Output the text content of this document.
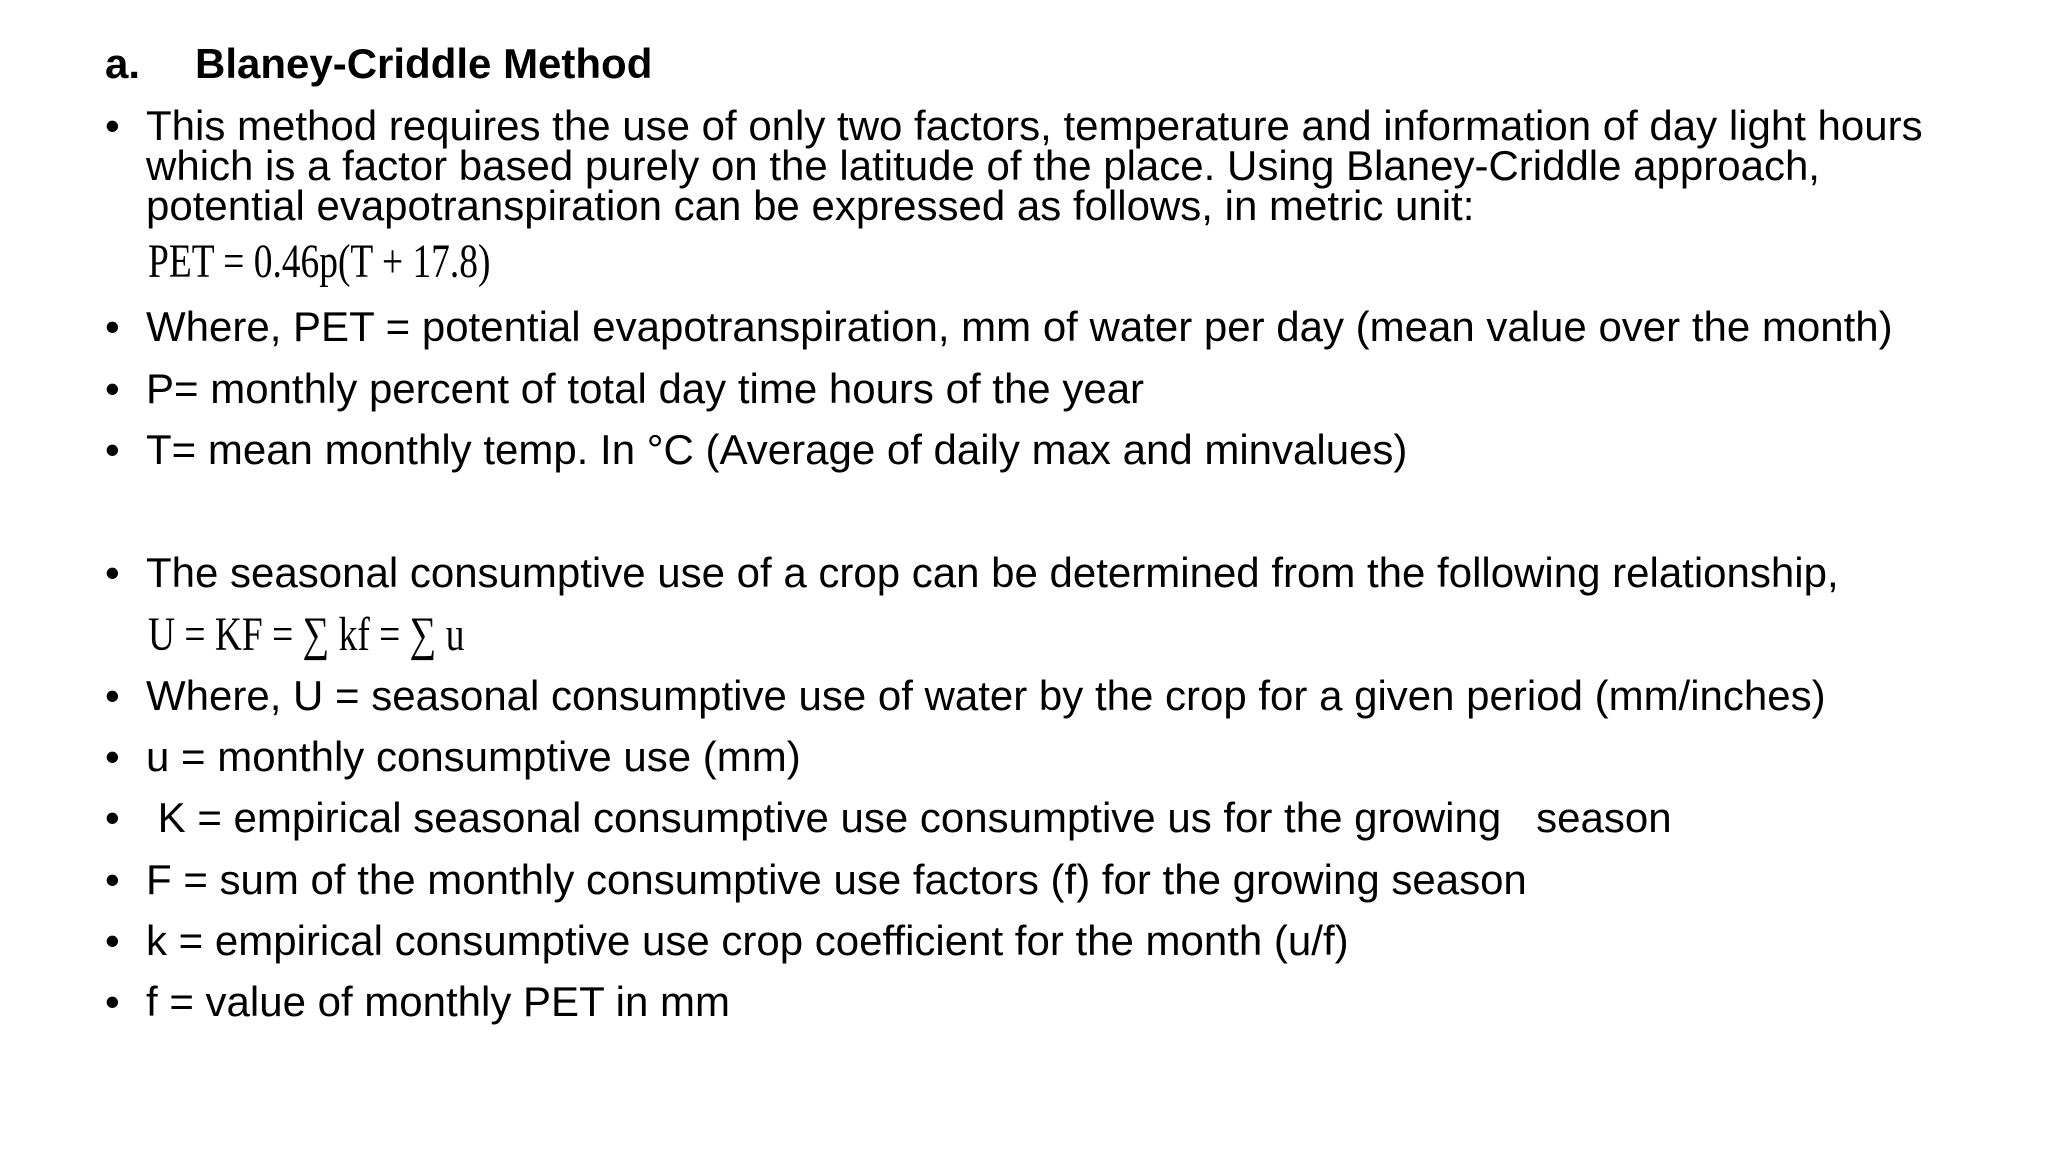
a. Blaney-Criddle Method
• This method requires the use of only two factors, temperature and information of day light hours
which is a factor based purely on the latitude of the place. Using Blaney-Criddle approach,
potential evapotranspiration can be expressed as follows, in metric unit:
PET = 0.46p(T + 17.8)
• Where, PET = potential evapotranspiration, mm of water per day (mean value over the month)
• P= monthly percent of total day time hours of the year
• T= mean monthly temp. In °C (Average of daily max and minvalues)
• The seasonal consumptive use of a crop can be determined from the following relationship,
U = KF = ∑ kf = ∑ u
• Where, U = seasonal consumptive use of water by the crop for a given period (mm/inches)
• u = monthly consumptive use (mm)
• K = empirical seasonal consumptive use consumptive us for the growing   season
• F = sum of the monthly consumptive use factors (f) for the growing season
• k = empirical consumptive use crop coefficient for the month (u/f)
• f = value of monthly PET in mm
